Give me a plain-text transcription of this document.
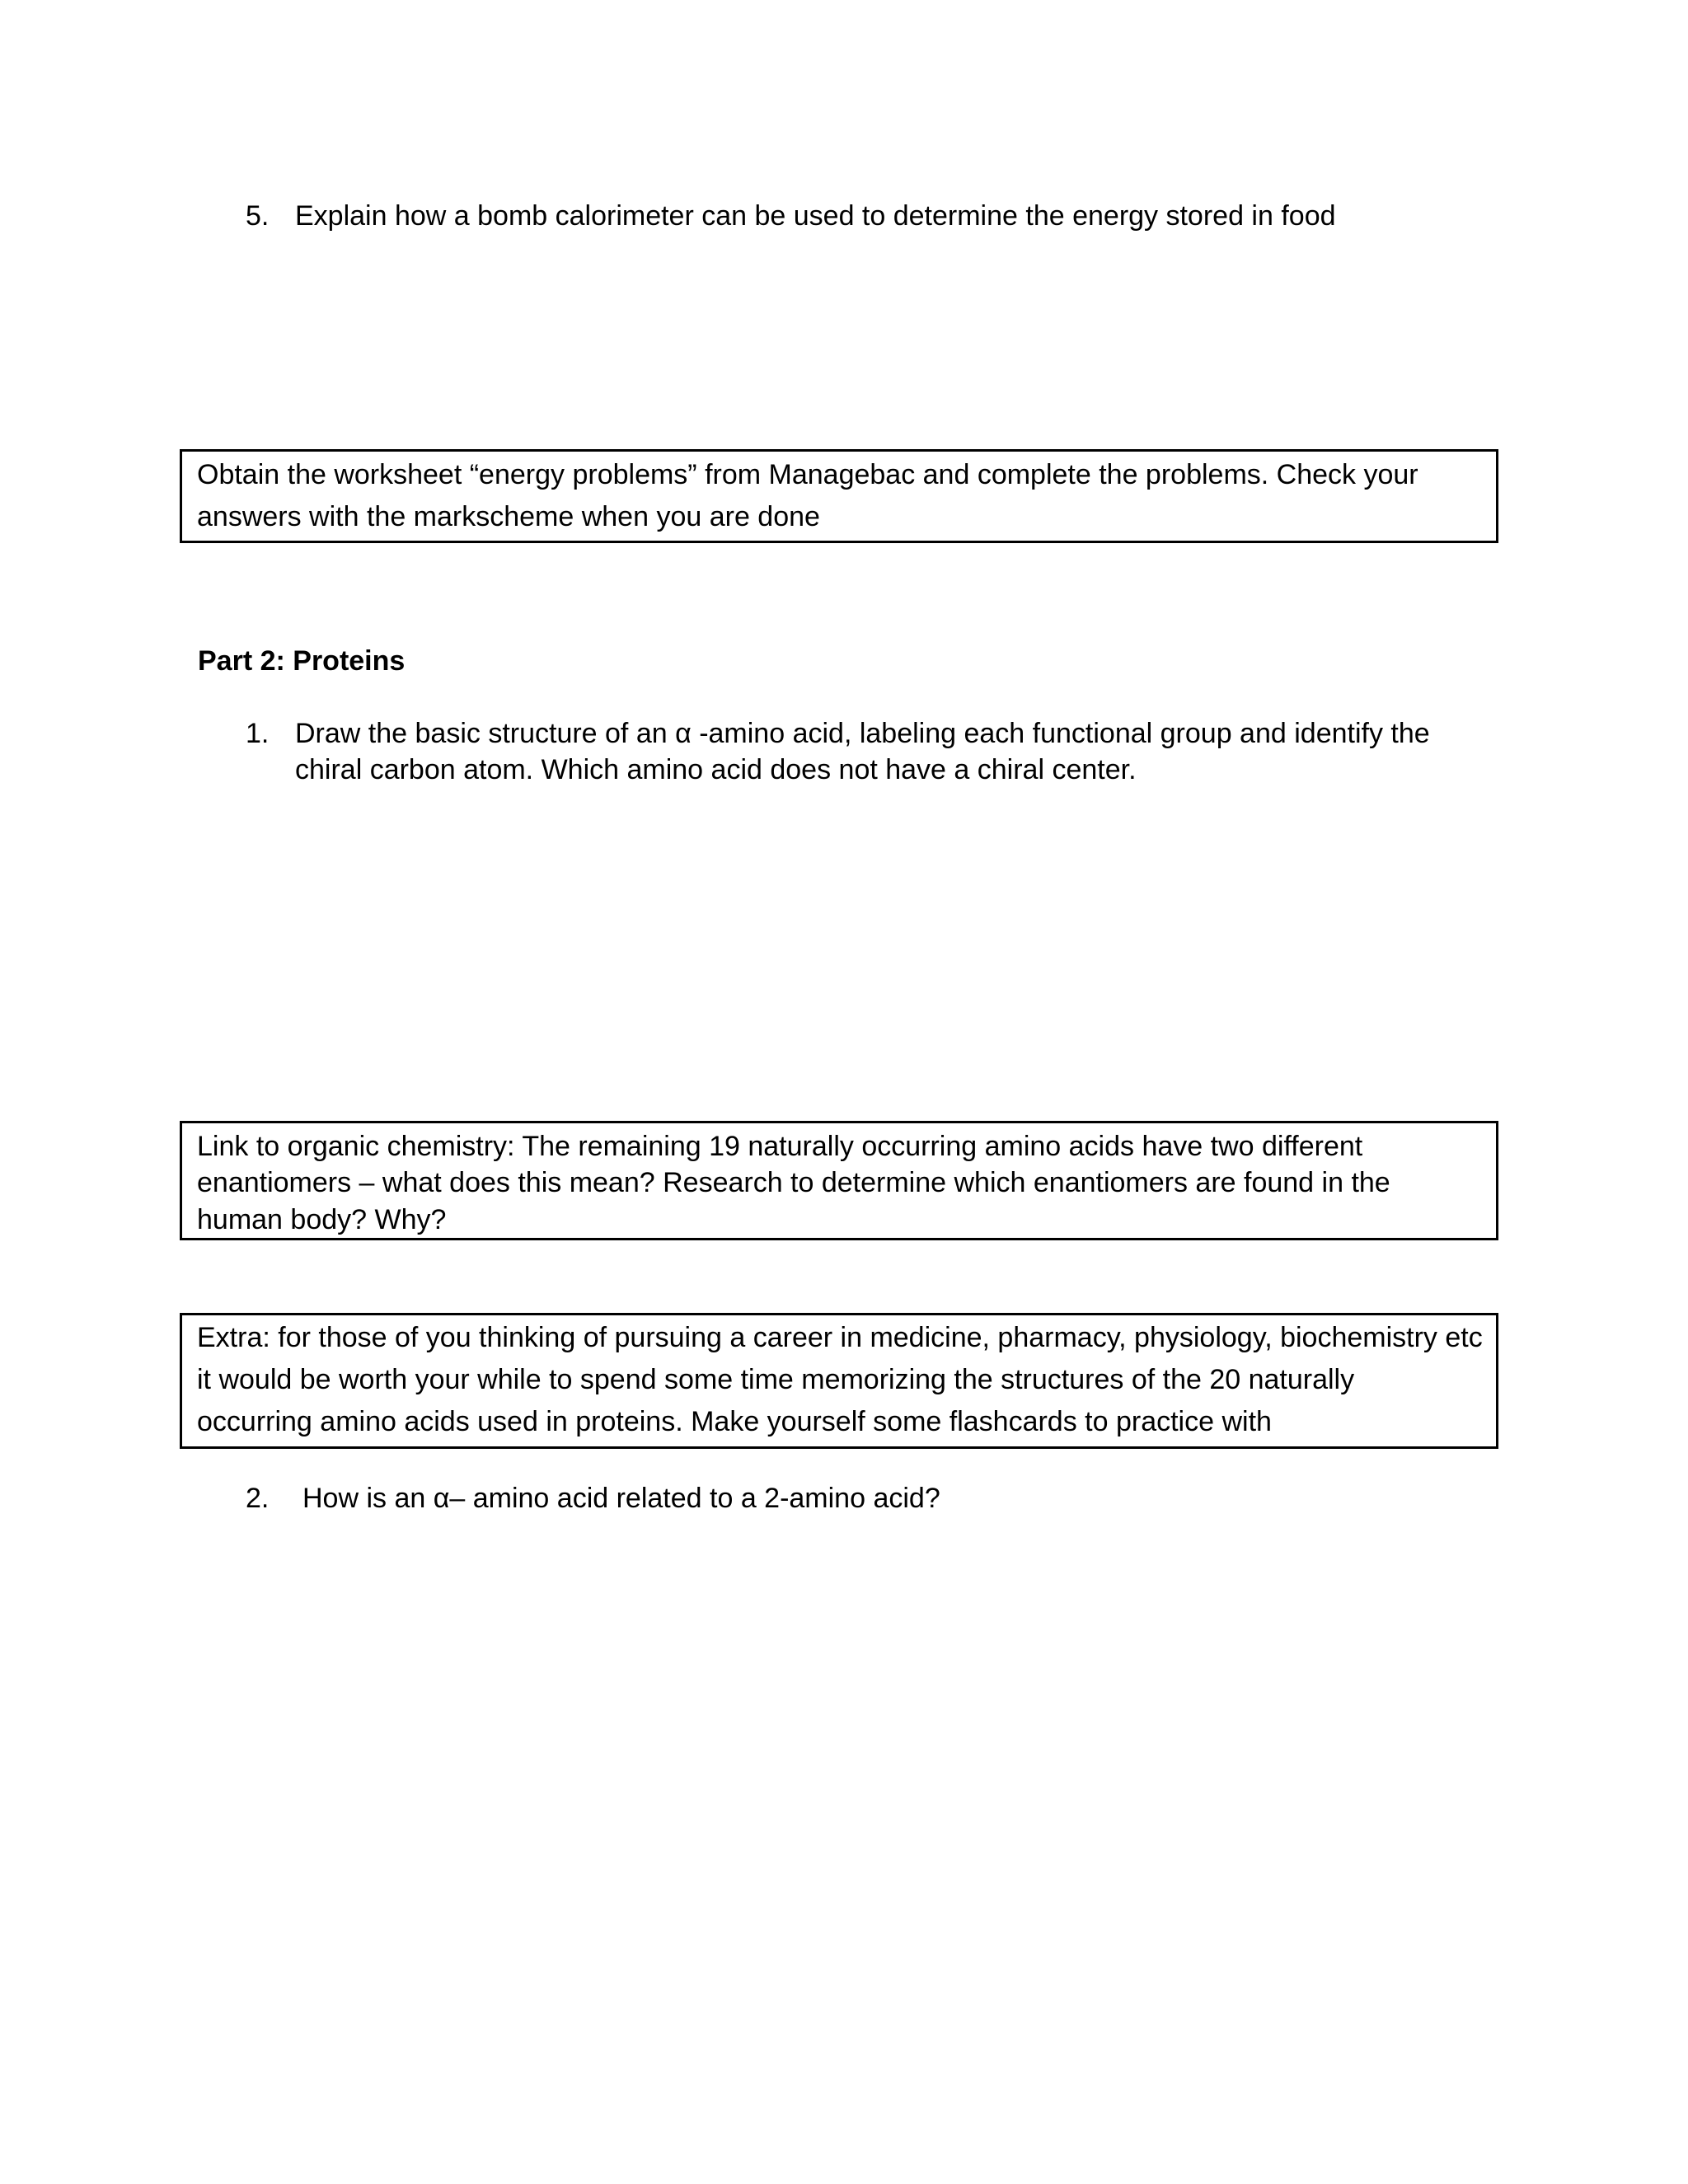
5. Explain how a bomb calorimeter can be used to determine the energy stored in food
Obtain the worksheet “energy problems” from Managebac and complete the problems. Check your
answers with the markscheme when you are done
Part 2: Proteins
1. Draw the basic structure of an α -amino acid, labeling each functional group and identify the
chiral carbon atom. Which amino acid does not have a chiral center.
Link to organic chemistry: The remaining 19 naturally occurring amino acids have two different
enantiomers – what does this mean? Research to determine which enantiomers are found in the
human body? Why?
Extra: for those of you thinking of pursuing a career in medicine, pharmacy, physiology, biochemistry etc
it would be worth your while to spend some time memorizing the structures of the 20 naturally
occurring amino acids used in proteins. Make yourself some flashcards to practice with
2. How is an α– amino acid related to a 2-amino acid?
